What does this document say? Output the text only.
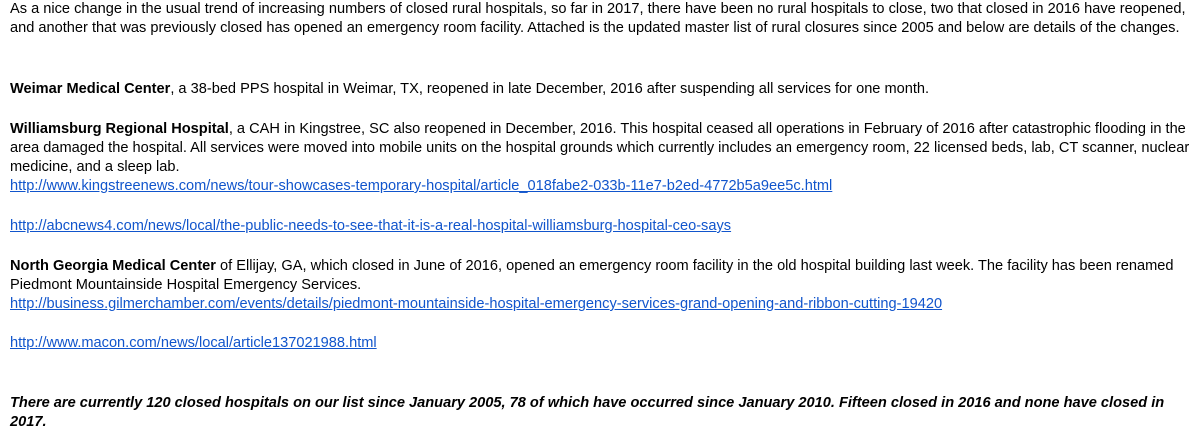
As a nice change in the usual trend of increasing numbers of closed rural hospitals, so far in 2017, there have been no rural hospitals to close, two that closed in 2016 have reopened, and another that was previously closed has opened an emergency room facility. Attached is the updated master list of rural closures since 2005 and below are details of the changes.

Weimar Medical Center, a 38-bed PPS hospital in Weimar, TX, reopened in late December, 2016 after suspending all services for one month.

Williamsburg Regional Hospital, a CAH in Kingstree, SC also reopened in December, 2016. This hospital ceased all operations in February of 2016 after catastrophic flooding in the area damaged the hospital. All services were moved into mobile units on the hospital grounds which currently includes an emergency room, 22 licensed beds, lab, CT scanner, nuclear medicine, and a sleep lab.
http://www.kingstreenews.com/news/tour-showcases-temporary-hospital/article_018fabe2-033b-11e7-b2ed-4772b5a9ee5c.html

http://abcnews4.com/news/local/the-public-needs-to-see-that-it-is-a-real-hospital-williamsburg-hospital-ceo-says

North Georgia Medical Center of Ellijay, GA, which closed in June of 2016, opened an emergency room facility in the old hospital building last week. The facility has been renamed Piedmont Mountainside Hospital Emergency Services.
http://business.gilmerchamber.com/events/details/piedmont-mountainside-hospital-emergency-services-grand-opening-and-ribbon-cutting-19420

http://www.macon.com/news/local/article137021988.html

There are currently 120 closed hospitals on our list since January 2005, 78 of which have occurred since January 2010. Fifteen closed in 2016 and none have closed in 2017.
